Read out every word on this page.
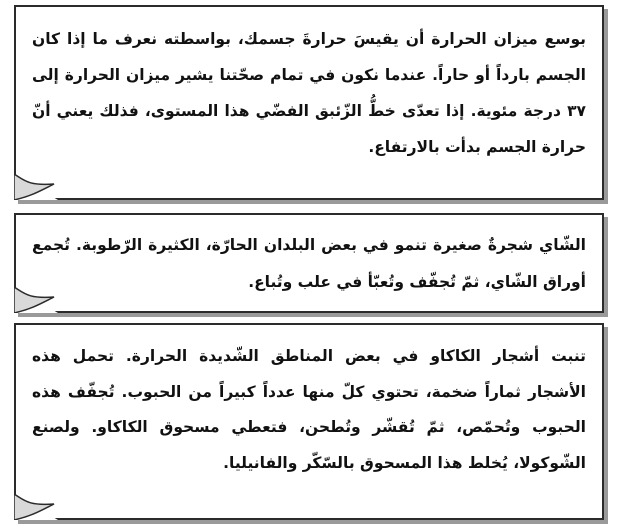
بوسع ميزان الحرارة أن يقيسَ حرارةَ جسمك، بواسطته نعرف ما إذا كان الجسم بارداً أو حاراً. عندما نكون في تمام صحّتنا يشير ميزان الحرارة إلى ٣٧ درجة مئوية. إذا تعدّى خطُّ الزّئبق الفضّي هذا المستوى، فذلك يعني أنّ حرارة الجسم بدأت بالارتفاع.
الشّاي شجرةٌ صغيرة تنمو في بعض البلدان الحارّة، الكثيرة الرّطوبة. تُجمع أوراق الشّاي، ثمّ تُجفّف وتُعبّأ في علب وتُباع.
تنبت أشجار الكاكاو في بعض المناطق الشّديدة الحرارة. تحمل هذه الأشجار ثماراً ضخمة، تحتوي كلّ منها عدداً كبيراً من الحبوب. تُجفّف هذه الحبوب وتُحمّص، ثمّ تُقشّر وتُطحن، فتعطي مسحوق الكاكاو. ولصنع الشّوكولا، يُخلط هذا المسحوق بالسّكّر والفانيليا.
